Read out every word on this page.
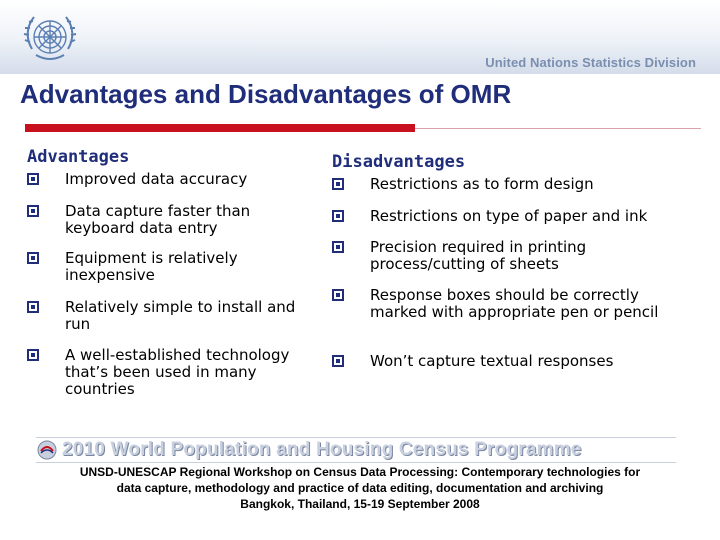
United Nations Statistics Division
Advantages and Disadvantages of OMR
Advantages	Disadvantages
Improved data accuracy
Data capture faster than keyboard data entry
Equipment is relatively inexpensive
Relatively simple to install and run
A well-established technology that’s been used in many countries
Restrictions as to form design
Restrictions on type of paper and ink
Precision required in printing process/cutting of sheets
Response boxes should be correctly marked with appropriate pen or pencil
Won’t capture textual responses
2010 World Population and Housing Census Programme
UNSD-UNESCAP Regional Workshop on Census Data Processing: Contemporary technologies for
data capture, methodology and practice of data editing, documentation and archiving
Bangkok, Thailand, 15-19 September 2008
